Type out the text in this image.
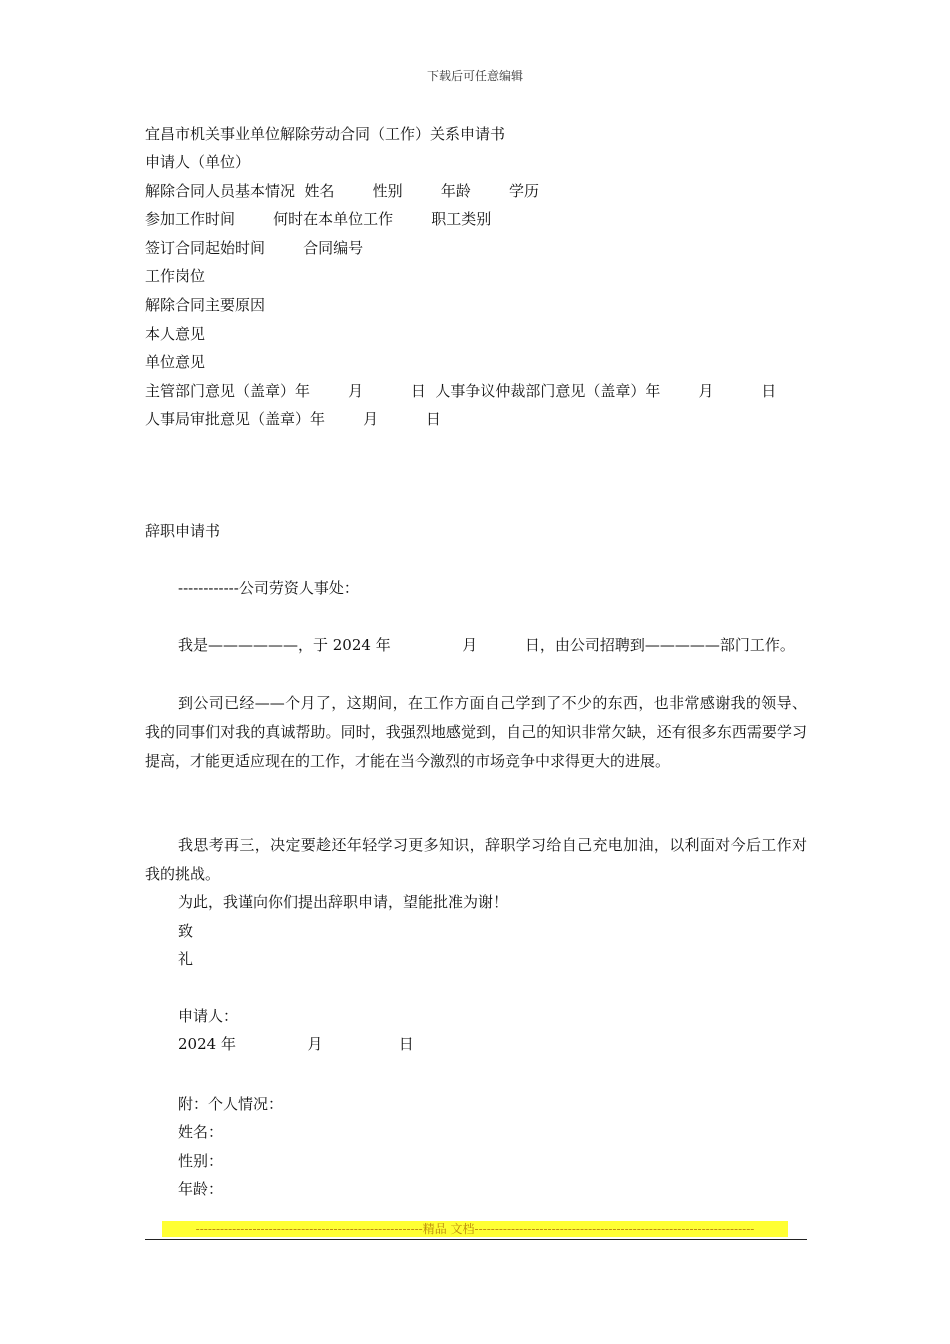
下载后可任意编辑
宜昌市机关事业单位解除劳动合同（工作）关系申请书
申请人（单位）
解除合同人员基本情况  姓名        性别        年龄        学历
参加工作时间        何时在本单位工作        职工类别
签订合同起始时间        合同编号
工作岗位
解除合同主要原因
本人意见
单位意见
主管部门意见（盖章）年        月          日  人事争议仲裁部门意见（盖章）年        月          日
人事局审批意见（盖章）年        月          日
辞职申请书
------------公司劳资人事处：
我是——————，于 2024 年               月          日，由公司招聘到—————部门工作。
到公司已经——个月了，这期间，在工作方面自己学到了不少的东西，也非常感谢我的领导、我的同事们对我的真诚帮助。同时，我强烈地感觉到，自己的知识非常欠缺，还有很多东西需要学习提高，才能更适应现在的工作，才能在当今激烈的市场竞争中求得更大的进展。
我思考再三，决定要趁还年轻学习更多知识，辞职学习给自己充电加油，以利面对今后工作对我的挑战。
为此，我谨向你们提出辞职申请，望能批准为谢！
致
礼
申请人：
2024 年               月                日
附：个人情况：
姓名：
性别：
年龄：
--------------------------------------------------------精品 文档---------------------------------------------------------------------
